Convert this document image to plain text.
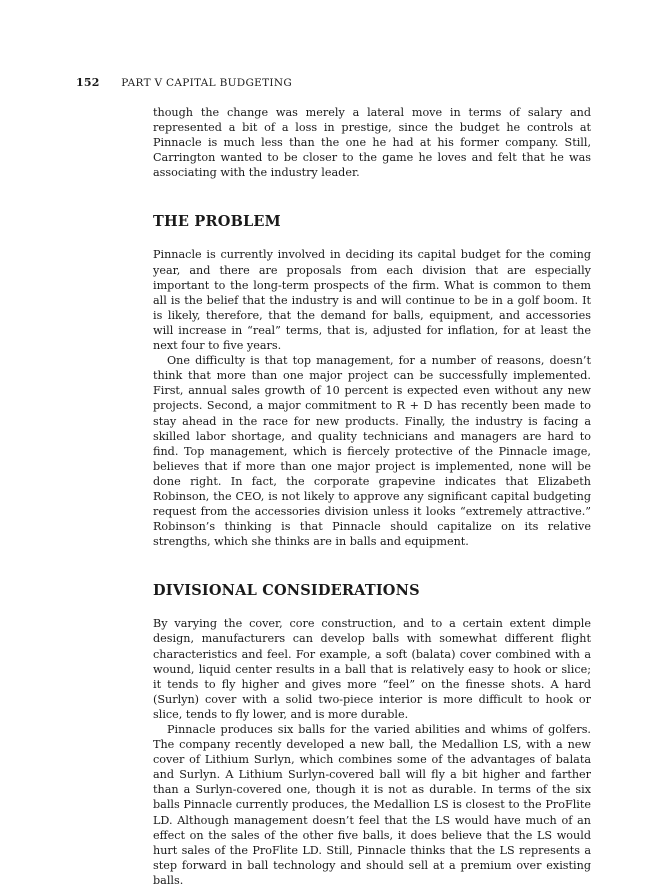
152 PART V CAPITAL BUDGETING

though the change was merely a lateral move in terms of salary and represented a bit of a loss in prestige, since the budget he controls at Pinnacle is much less than the one he had at his former company. Still, Carrington wanted to be closer to the game he loves and felt that he was associating with the industry leader.

THE PROBLEM

Pinnacle is currently involved in deciding its capital budget for the coming year, and there are proposals from each division that are especially important to the long-term prospects of the firm. What is common to them all is the belief that the industry is and will continue to be in a golf boom. It is likely, therefore, that the demand for balls, equipment, and accessories will increase in “real” terms, that is, adjusted for inflation, for at least the next four to five years.

One difficulty is that top management, for a number of reasons, doesn’t think that more than one major project can be successfully implemented. First, annual sales growth of 10 percent is expected even without any new projects. Second, a major commitment to R + D has recently been made to stay ahead in the race for new products. Finally, the industry is facing a skilled labor shortage, and quality technicians and managers are hard to find. Top management, which is fiercely protective of the Pinnacle image, believes that if more than one major project is implemented, none will be done right. In fact, the corporate grapevine indicates that Elizabeth Robinson, the CEO, is not likely to approve any significant capital budgeting request from the accessories division unless it looks “extremely attractive.” Robinson’s thinking is that Pinnacle should capitalize on its relative strengths, which she thinks are in balls and equipment.

DIVISIONAL CONSIDERATIONS

By varying the cover, core construction, and to a certain extent dimple design, manufacturers can develop balls with somewhat different flight characteristics and feel. For example, a soft (balata) cover combined with a wound, liquid center results in a ball that is relatively easy to hook or slice; it tends to fly higher and gives more “feel” on the finesse shots. A hard (Surlyn) cover with a solid two-piece interior is more difficult to hook or slice, tends to fly lower, and is more durable.

Pinnacle produces six balls for the varied abilities and whims of golfers. The company recently developed a new ball, the Medallion LS, with a new cover of Lithium Surlyn, which combines some of the advantages of balata and Surlyn. A Lithium Surlyn-covered ball will fly a bit higher and farther than a Surlyn-covered one, though it is not as durable. In terms of the six balls Pinnacle currently produces, the Medallion LS is closest to the ProFlite LD. Although management doesn’t feel that the LS would have much of an effect on the sales of the other five balls, it does believe that the LS would hurt sales of the ProFlite LD. Still, Pinnacle thinks that the LS represents a step forward in ball technology and should sell at a premium over existing balls.
